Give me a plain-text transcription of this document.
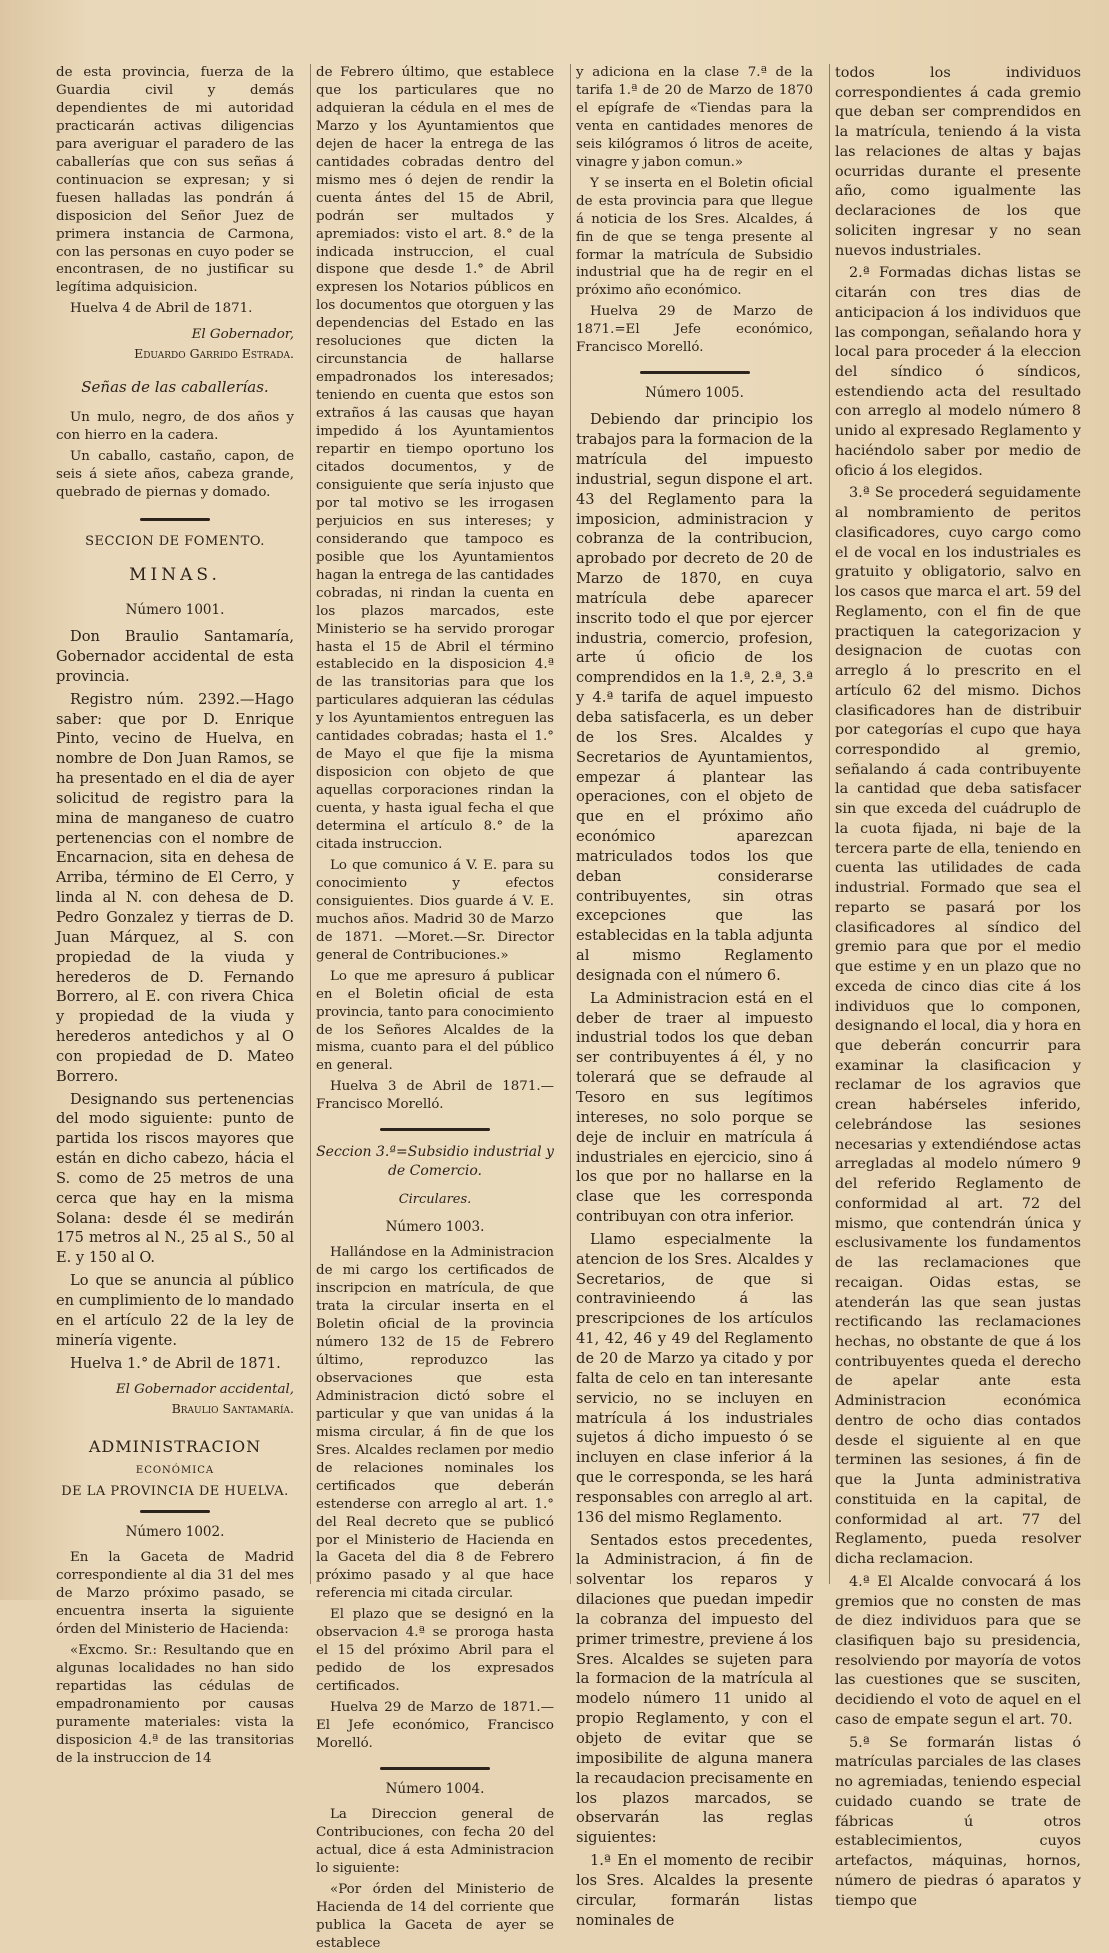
de esta provincia, fuerza de la Guardia civil y demás dependientes de mi autoridad practicarán activas diligencias para averiguar el paradero de las caballerías que con sus señas á continuacion se expresan; y si fuesen halladas las pondrán á disposicion del Señor Juez de primera instancia de Carmona, con las personas en cuyo poder se encontrasen, de no justificar su legítima adquisicion.

Huelva 4 de Abril de 1871.

El Gobernador,
Eduardo Garrido Estrada.
Señas de las caballerías.

Un mulo, negro, de dos años y con hierro en la cadera.

Un caballo, castaño, capon, de seis á siete años, cabeza grande, quebrado de piernas y domado.

SECCION DE FOMENTO.
MINAS.
Número 1001.

Don Braulio Santamaría, Gobernador accidental de esta provincia.

Registro núm. 2392.—Hago saber: que por D. Enrique Pinto, vecino de Huelva, en nombre de Don Juan Ramos, se ha presentado en el dia de ayer solicitud de registro para la mina de manganeso de cuatro pertenencias con el nombre de Encarnacion, sita en dehesa de Arriba, término de El Cerro, y linda al N. con dehesa de D. Pedro Gonzalez y tierras de D. Juan Márquez, al S. con propiedad de la viuda y herederos de D. Fernando Borrero, al E. con rivera Chica y propiedad de la viuda y herederos antedichos y al O con propiedad de D. Mateo Borrero.

Designando sus pertenencias del modo siguiente: punto de partida los riscos mayores que están en dicho cabezo, hácia el S. como de 25 metros de una cerca que hay en la misma Solana: desde él se medirán 175 metros al N., 25 al S., 50 al E. y 150 al O.

Lo que se anuncia al público en cumplimiento de lo mandado en el artículo 22 de la ley de minería vigente.

Huelva 1.° de Abril de 1871.

El Gobernador accidental,
Braulio Santamaría.
ADMINISTRACION
ECONÓMICA
DE LA PROVINCIA DE HUELVA.
Número 1002.

En la Gaceta de Madrid correspondiente al dia 31 del mes de Marzo próximo pasado, se encuentra inserta la siguiente órden del Ministerio de Hacienda:

«Excmo. Sr.: Resultando que en algunas localidades no han sido repartidas las cédulas de empadronamiento por causas puramente materiales: vista la disposicion 4.ª de las transitorias de la instruccion de 14

de Febrero último, que establece que los particulares que no adquieran la cédula en el mes de Marzo y los Ayuntamientos que dejen de hacer la entrega de las cantidades cobradas dentro del mismo mes ó dejen de rendir la cuenta ántes del 15 de Abril, podrán ser multados y apremiados: visto el art. 8.° de la indicada instruccion, el cual dispone que desde 1.° de Abril expresen los Notarios públicos en los documentos que otorguen y las dependencias del Estado en las resoluciones que dicten la circunstancia de hallarse empadronados los interesados; teniendo en cuenta que estos son extraños á las causas que hayan impedido á los Ayuntamientos repartir en tiempo oportuno los citados documentos, y de consiguiente que sería injusto que por tal motivo se les irrogasen perjuicios en sus intereses; y considerando que tampoco es posible que los Ayuntamientos hagan la entrega de las cantidades cobradas, ni rindan la cuenta en los plazos marcados, este Ministerio se ha servido prorogar hasta el 15 de Abril el término establecido en la disposicion 4.ª de las transitorias para que los particulares adquieran las cédulas y los Ayuntamientos entreguen las cantidades cobradas; hasta el 1.° de Mayo el que fije la misma disposicion con objeto de que aquellas corporaciones rindan la cuenta, y hasta igual fecha el que determina el artículo 8.° de la citada instruccion.

Lo que comunico á V. E. para su conocimiento y efectos consiguientes. Dios guarde á V. E. muchos años. Madrid 30 de Marzo de 1871. —Moret.—Sr. Director general de Contribuciones.»

Lo que me apresuro á publicar en el Boletin oficial de esta provincia, tanto para conocimiento de los Señores Alcaldes de la misma, cuanto para el del público en general.

Huelva 3 de Abril de 1871.—Francisco Morelló.

Seccion 3.ª=Subsidio industrial y de Comercio.
Circulares.
Número 1003.

Hallándose en la Administracion de mi cargo los certificados de inscripcion en matrícula, de que trata la circular inserta en el Boletin oficial de la provincia número 132 de 15 de Febrero último, reproduzco las observaciones que esta Administracion dictó sobre el particular y que van unidas á la misma circular, á fin de que los Sres. Alcaldes reclamen por medio de relaciones nominales los certificados que deberán estenderse con arreglo al art. 1.° del Real decreto que se publicó por el Ministerio de Hacienda en la Gaceta del dia 8 de Febrero próximo pasado y al que hace referencia mi citada circular.

El plazo que se designó en la observacion 4.ª se proroga hasta el 15 del próximo Abril para el pedido de los expresados certificados.

Huelva 29 de Marzo de 1871.—El Jefe económico, Francisco Morelló.

Número 1004.

La Direccion general de Contribuciones, con fecha 20 del actual, dice á esta Administracion lo siguiente:

«Por órden del Ministerio de Hacienda de 14 del corriente que publica la Gaceta de ayer se establece

y adiciona en la clase 7.ª de la tarifa 1.ª de 20 de Marzo de 1870 el epígrafe de «Tiendas para la venta en cantidades menores de seis kilógramos ó litros de aceite, vinagre y jabon comun.»

Y se inserta en el Boletin oficial de esta provincia para que llegue á noticia de los Sres. Alcaldes, á fin de que se tenga presente al formar la matrícula de Subsidio industrial que ha de regir en el próximo año económico.

Huelva 29 de Marzo de 1871.=El Jefe económico, Francisco Morelló.

Número 1005.

Debiendo dar principio los trabajos para la formacion de la matrícula del impuesto industrial, segun dispone el art. 43 del Reglamento para la imposicion, administracion y cobranza de la contribucion, aprobado por decreto de 20 de Marzo de 1870, en cuya matrícula debe aparecer inscrito todo el que por ejercer industria, comercio, profesion, arte ú oficio de los comprendidos en la 1.ª, 2.ª, 3.ª y 4.ª tarifa de aquel impuesto deba satisfacerla, es un deber de los Sres. Alcaldes y Secretarios de Ayuntamientos, empezar á plantear las operaciones, con el objeto de que en el próximo año económico aparezcan matriculados todos los que deban considerarse contribuyentes, sin otras excepciones que las establecidas en la tabla adjunta al mismo Reglamento designada con el número 6.

La Administracion está en el deber de traer al impuesto industrial todos los que deban ser contribuyentes á él, y no tolerará que se defraude al Tesoro en sus legítimos intereses, no solo porque se deje de incluir en matrícula á industriales en ejercicio, sino á los que por no hallarse en la clase que les corresponda contribuyan con otra inferior.

Llamo especialmente la atencion de los Sres. Alcaldes y Secretarios, de que si contravinieendo á las prescripciones de los artículos 41, 42, 46 y 49 del Reglamento de 20 de Marzo ya citado y por falta de celo en tan interesante servicio, no se incluyen en matrícula á los industriales sujetos á dicho impuesto ó se incluyen en clase inferior á la que le corresponda, se les hará responsables con arreglo al art. 136 del mismo Reglamento.

Sentados estos precedentes, la Administracion, á fin de solventar los reparos y dilaciones que puedan impedir la cobranza del impuesto del primer trimestre, previene á los Sres. Alcaldes se sujeten para la formacion de la matrícula al modelo número 11 unido al propio Reglamento, y con el objeto de evitar que se imposibilite de alguna manera la recaudacion precisamente en los plazos marcados, se observarán las reglas siguientes:

1.ª En el momento de recibir los Sres. Alcaldes la presente circular, formarán listas nominales de

todos los individuos correspondientes á cada gremio que deban ser comprendidos en la matrícula, teniendo á la vista las relaciones de altas y bajas ocurridas durante el presente año, como igualmente las declaraciones de los que soliciten ingresar y no sean nuevos industriales.

2.ª Formadas dichas listas se citarán con tres dias de anticipacion á los individuos que las compongan, señalando hora y local para proceder á la eleccion del síndico ó síndicos, estendiendo acta del resultado con arreglo al modelo número 8 unido al expresado Reglamento y haciéndolo saber por medio de oficio á los elegidos.

3.ª Se procederá seguidamente al nombramiento de peritos clasificadores, cuyo cargo como el de vocal en los industriales es gratuito y obligatorio, salvo en los casos que marca el art. 59 del Reglamento, con el fin de que practiquen la categorizacion y designacion de cuotas con arreglo á lo prescrito en el artículo 62 del mismo. Dichos clasificadores han de distribuir por categorías el cupo que haya correspondido al gremio, señalando á cada contribuyente la cantidad que deba satisfacer sin que exceda del cuádruplo de la cuota fijada, ni baje de la tercera parte de ella, teniendo en cuenta las utilidades de cada industrial. Formado que sea el reparto se pasará por los clasificadores al síndico del gremio para que por el medio que estime y en un plazo que no exceda de cinco dias cite á los individuos que lo componen, designando el local, dia y hora en que deberán concurrir para examinar la clasificacion y reclamar de los agravios que crean habérseles inferido, celebrándose las sesiones necesarias y extendiéndose actas arregladas al modelo número 9 del referido Reglamento de conformidad al art. 72 del mismo, que contendrán única y esclusivamente los fundamentos de las reclamaciones que recaigan. Oidas estas, se atenderán las que sean justas rectificando las reclamaciones hechas, no obstante de que á los contribuyentes queda el derecho de apelar ante esta Administracion económica dentro de ocho dias contados desde el siguiente al en que terminen las sesiones, á fin de que la Junta administrativa constituida en la capital, de conformidad al art. 77 del Reglamento, pueda resolver dicha reclamacion.

4.ª El Alcalde convocará á los gremios que no consten de mas de diez individuos para que se clasifiquen bajo su presidencia, resolviendo por mayoría de votos las cuestiones que se susciten, decidiendo el voto de aquel en el caso de empate segun el art. 70.

5.ª Se formarán listas ó matrículas parciales de las clases no agremiadas, teniendo especial cuidado cuando se trate de fábricas ú otros establecimientos, cuyos artefactos, máquinas, hornos, número de piedras ó aparatos y tiempo que
